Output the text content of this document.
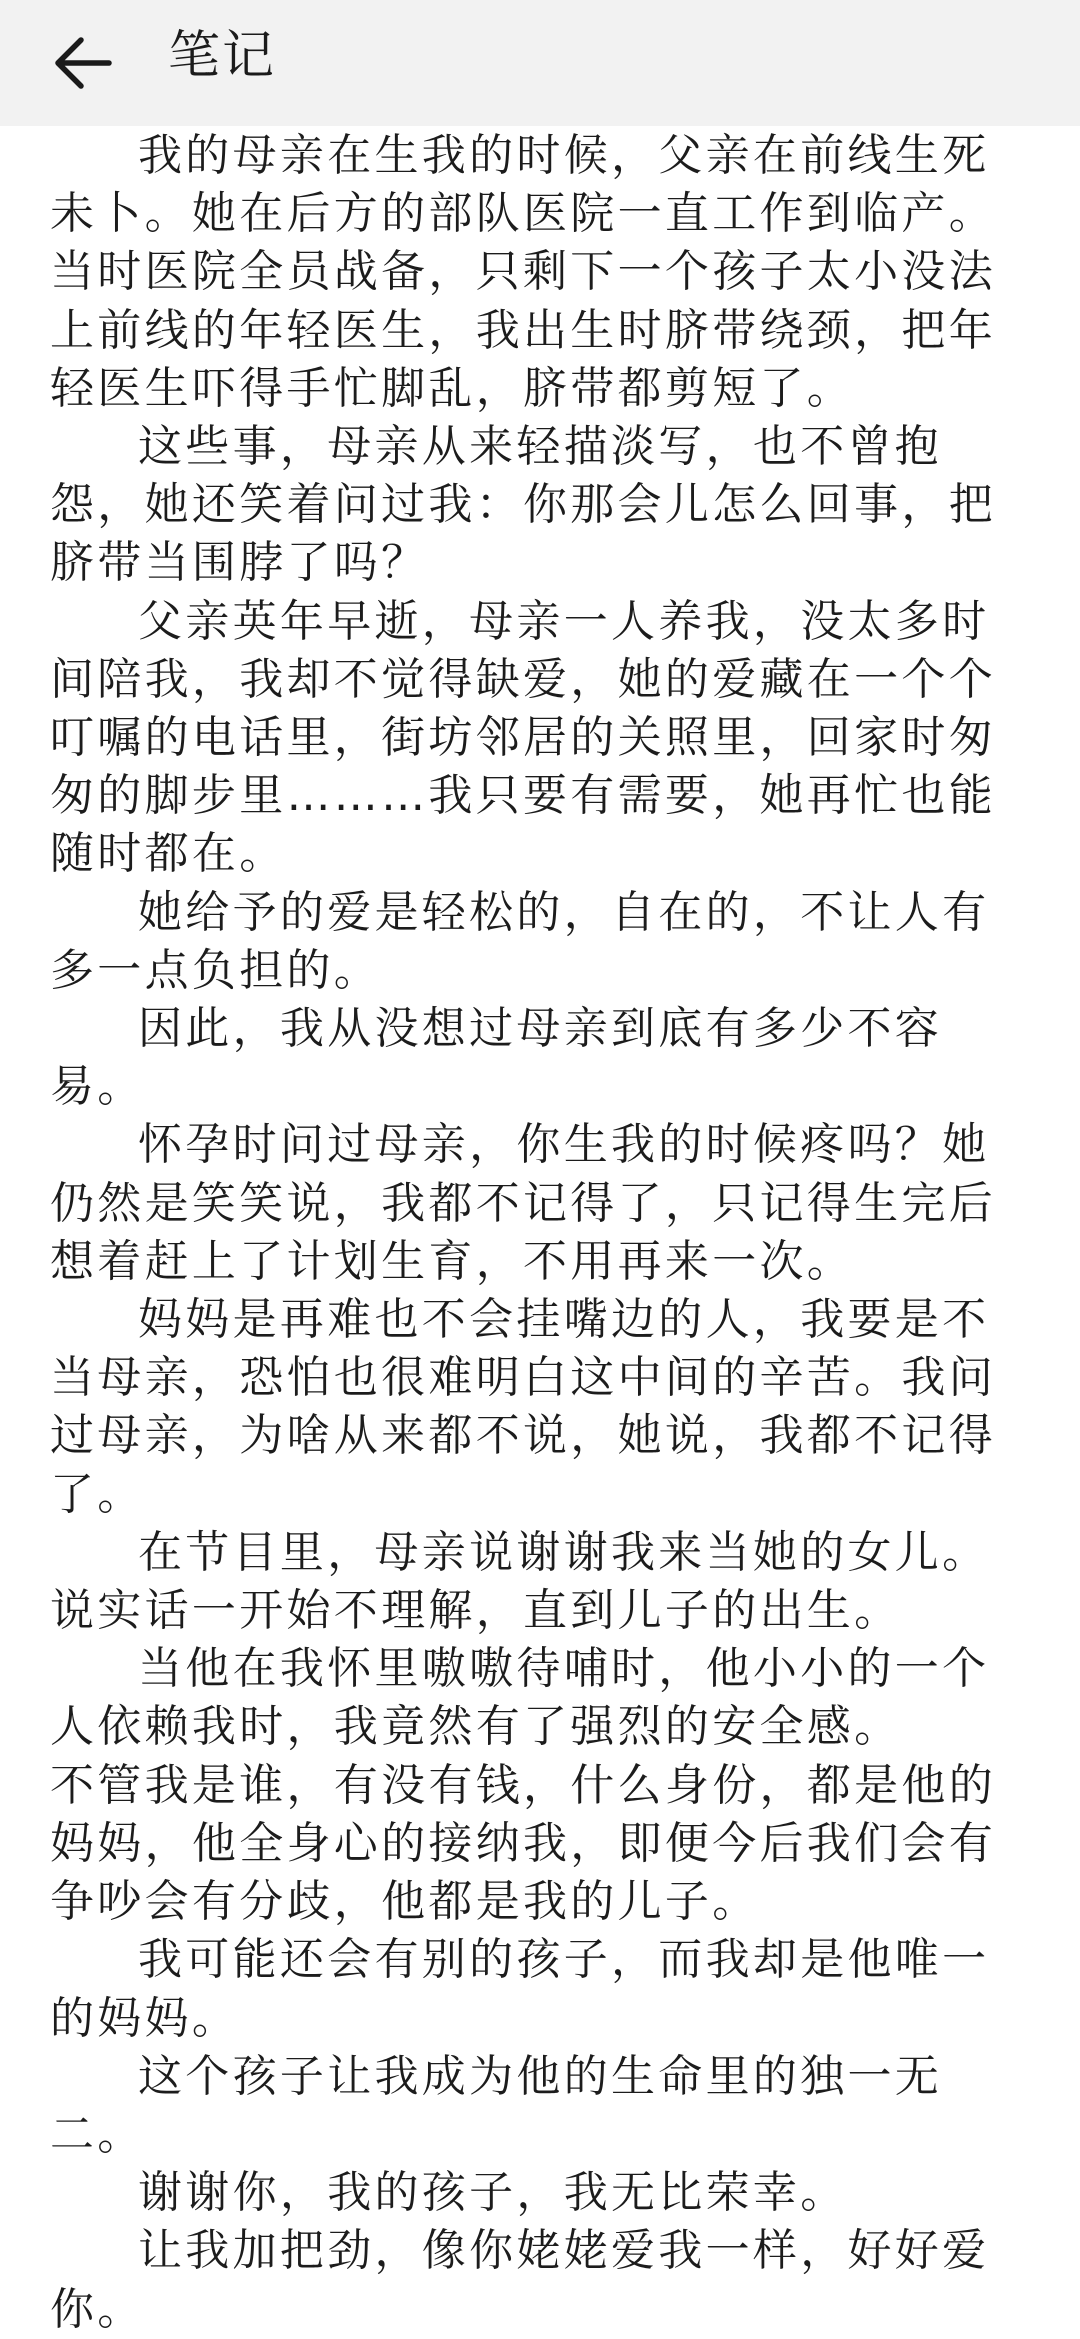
笔记

我的母亲在生我的时候，父亲在前线生死未卜。她在后方的部队医院一直工作到临产。当时医院全员战备，只剩下一个孩子太小没法上前线的年轻医生，我出生时脐带绕颈，把年轻医生吓得手忙脚乱，脐带都剪短了。

这些事，母亲从来轻描淡写，也不曾抱怨，她还笑着问过我：你那会儿怎么回事，把脐带当围脖了吗？

父亲英年早逝，母亲一人养我，没太多时间陪我，我却不觉得缺爱，她的爱藏在一个个叮嘱的电话里，街坊邻居的关照里，回家时匆匆的脚步里………我只要有需要，她再忙也能随时都在。

她给予的爱是轻松的，自在的，不让人有多一点负担的。

因此，我从没想过母亲到底有多少不容易。

怀孕时问过母亲，你生我的时候疼吗？她仍然是笑笑说，我都不记得了，只记得生完后想着赶上了计划生育，不用再来一次。

妈妈是再难也不会挂嘴边的人，我要是不当母亲，恐怕也很难明白这中间的辛苦。我问过母亲，为啥从来都不说，她说，我都不记得了。

在节目里，母亲说谢谢我来当她的女儿。说实话一开始不理解，直到儿子的出生。

当他在我怀里嗷嗷待哺时，他小小的一个人依赖我时，我竟然有了强烈的安全感。

不管我是谁，有没有钱，什么身份，都是他的妈妈，他全身心的接纳我，即便今后我们会有争吵会有分歧，他都是我的儿子。

我可能还会有别的孩子，而我却是他唯一的妈妈。

这个孩子让我成为他的生命里的独一无二。

谢谢你，我的孩子，我无比荣幸。

让我加把劲，像你姥姥爱我一样，好好爱你。
